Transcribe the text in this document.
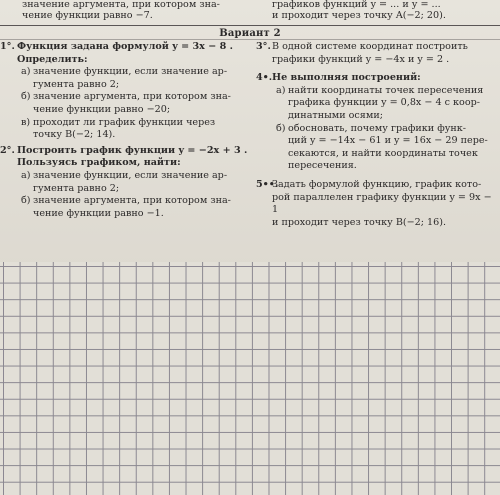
значение аргумента, при котором зна-
чение функции равно −7.
графиков функций y = ... и у = ...
и проходит через точку A(−2; 20).
Вариант 2
1°. Функция задана формулой y = 3x − 8 .
Определить:
а) значение функции, если значение ар-
гумента равно 2;
б) значение аргумента, при котором зна-
чение функции равно −20;
в) проходит ли график функции через
точку B(−2; 14).
2°. Построить график функции y = −2x + 3 .
Пользуясь графиком, найти:
а) значение функции, если значение ар-
гумента равно 2;
б) значение аргумента, при котором зна-
чение функции равно −1.
3°. В одной системе координат построить
графики функций y = −4x и y = 2 .
4•. Не выполняя построений:
а) найти координаты точек пересечения
графика функции y = 0,8x − 4 с коор-
динатными осями;
б) обосновать, почему графики функ-
ций y = −14x − 61 и y = 16x − 29 пере-
секаются, и найти координаты точек
пересечения.
5••.
Задать формулой функцию, график кото-
рой параллелен графику функции y = 9x − 1
и проходит через точку B(−2; 16).
